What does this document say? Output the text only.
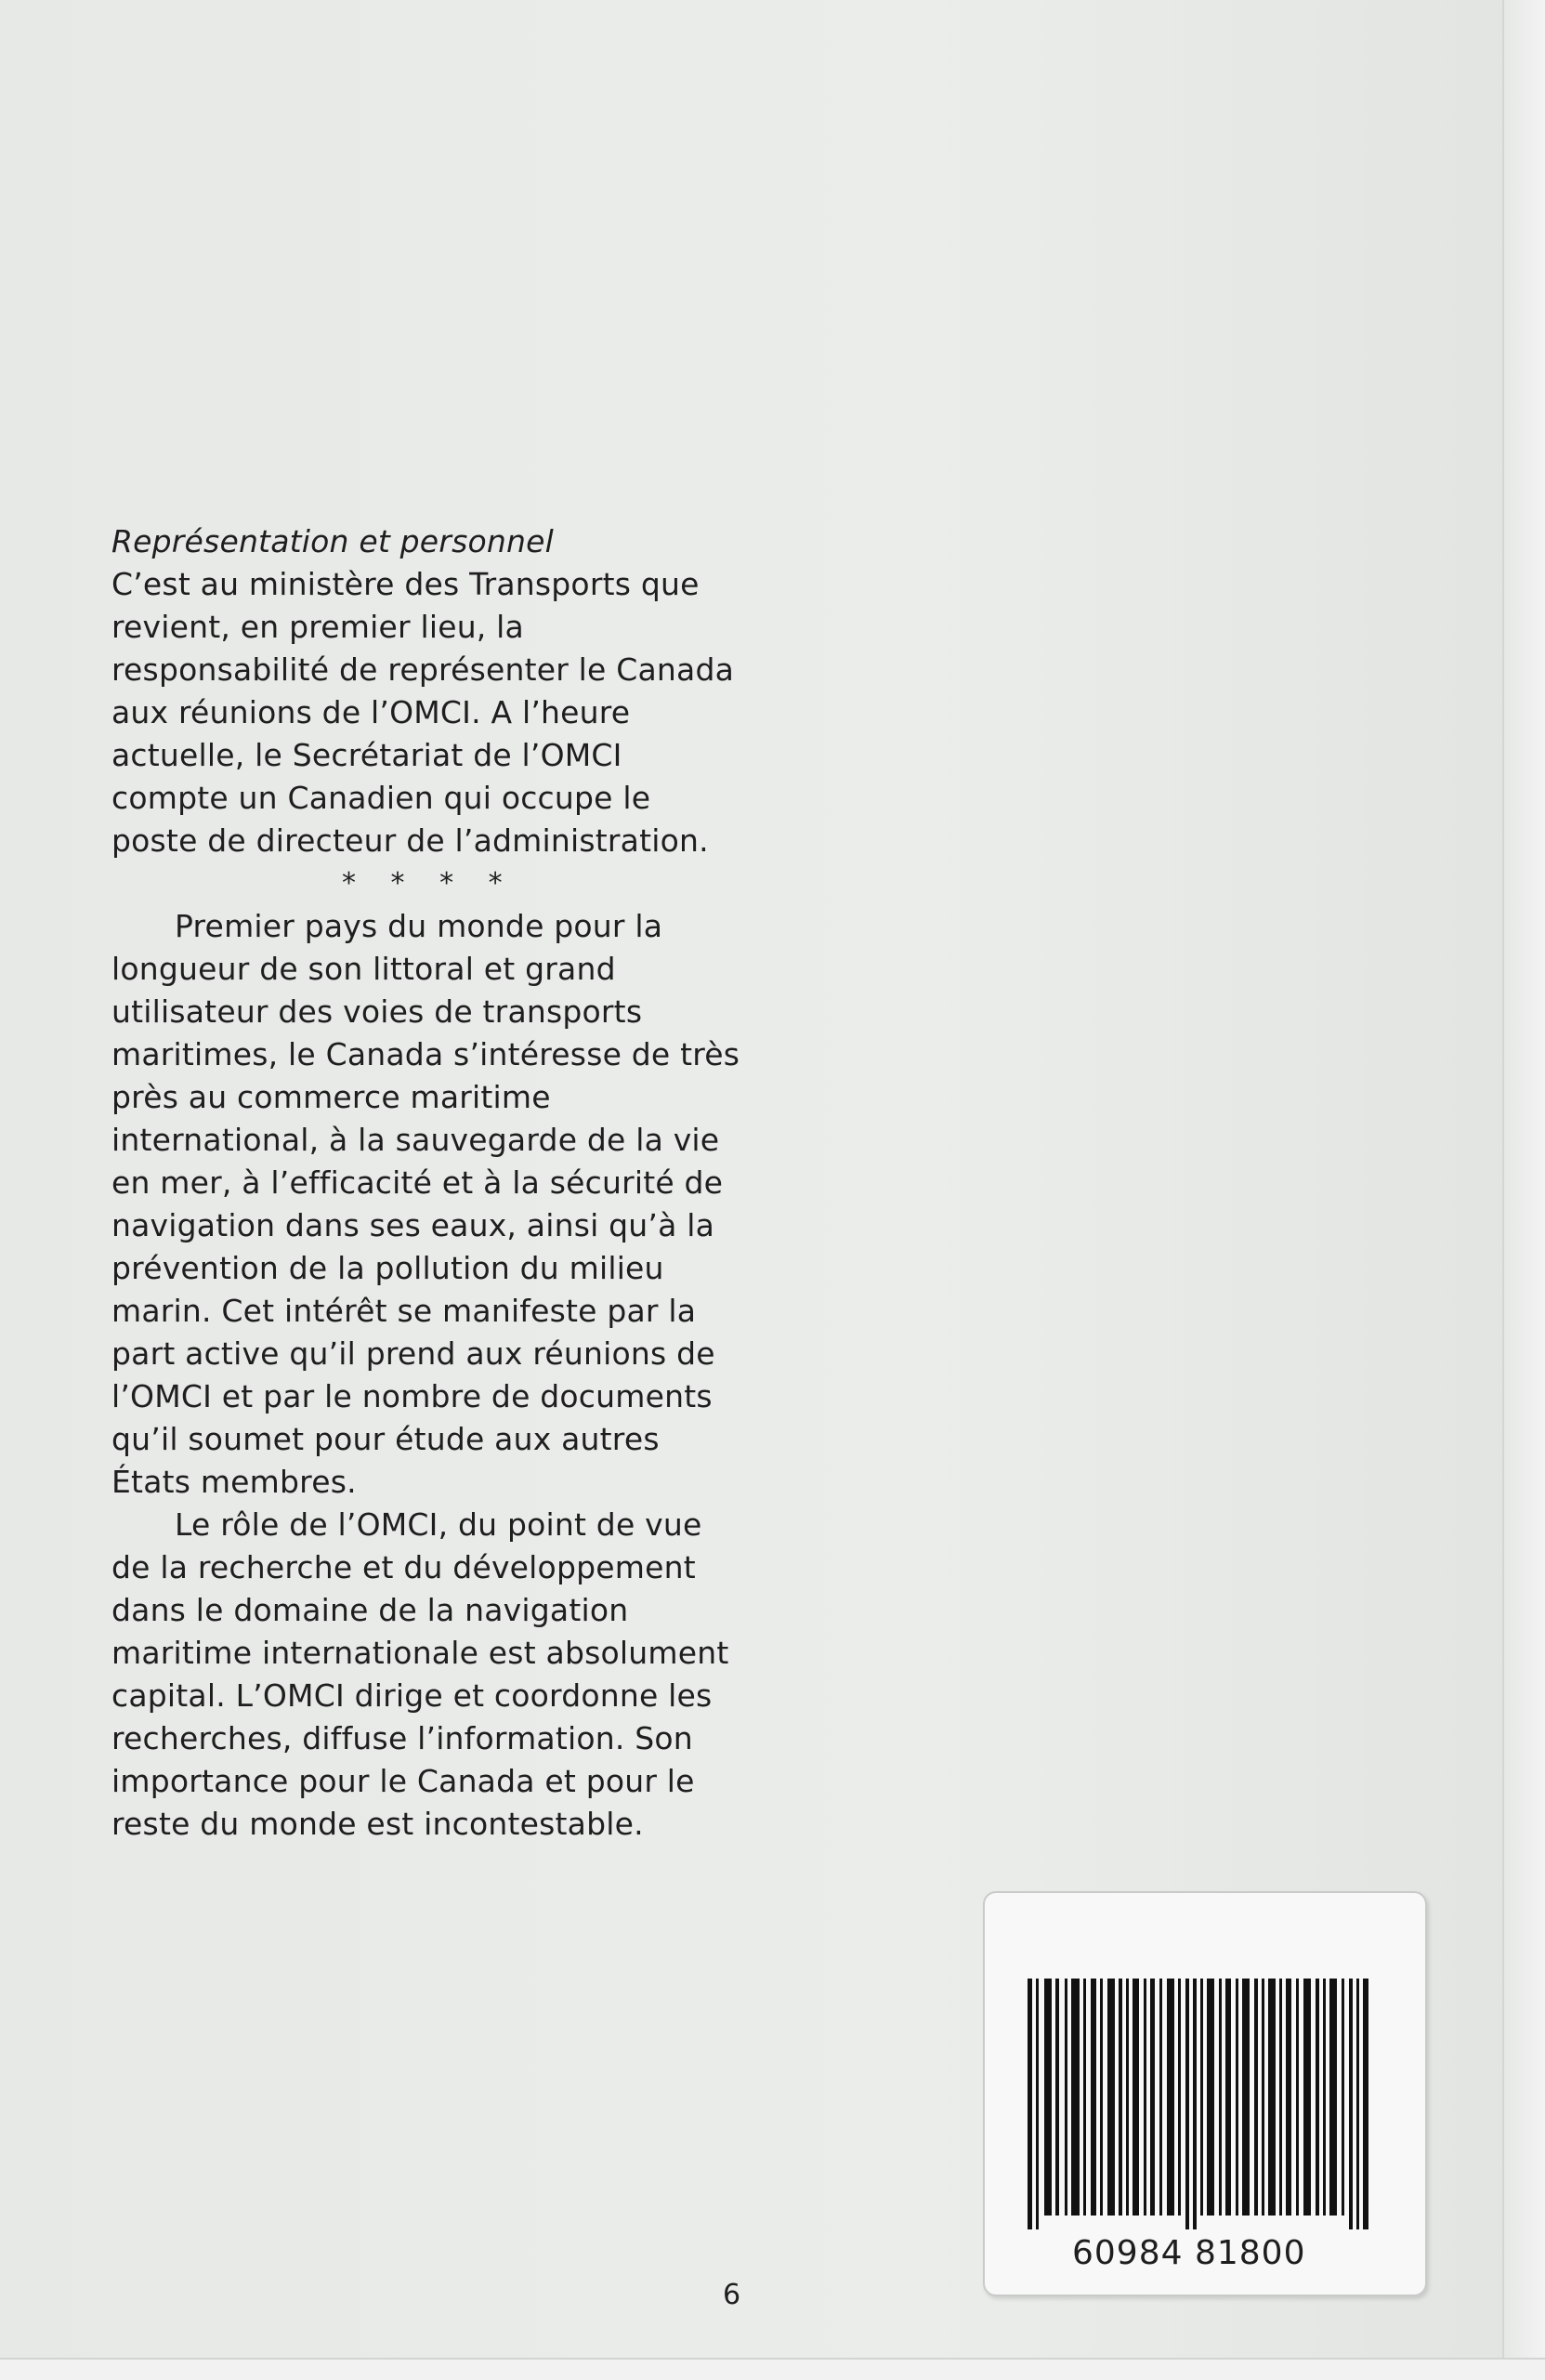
Représentation et personnel

C’est au ministère des Transports que revient, en premier lieu, la responsabilité de représenter le Canada aux réunions de l’OMCI. A l’heure actuelle, le Secrétariat de l’OMCI compte un Canadien qui occupe le poste de directeur de l’administration.

* * * *

Premier pays du monde pour la longueur de son littoral et grand utilisateur des voies de transports maritimes, le Canada s’intéresse de très près au commerce maritime international, à la sauvegarde de la vie en mer, à l’efficacité et à la sécurité de navigation dans ses eaux, ainsi qu’à la prévention de la pollution du milieu marin. Cet intérêt se manifeste par la part active qu’il prend aux réunions de l’OMCI et par le nombre de documents qu’il soumet pour étude aux autres États membres.

Le rôle de l’OMCI, du point de vue de la recherche et du développement dans le domaine de la navigation maritime internationale est absolument capital. L’OMCI dirige et coordonne les recherches, diffuse l’information. Son importance pour le Canada et pour le reste du monde est incontestable.

6
60984 81800
